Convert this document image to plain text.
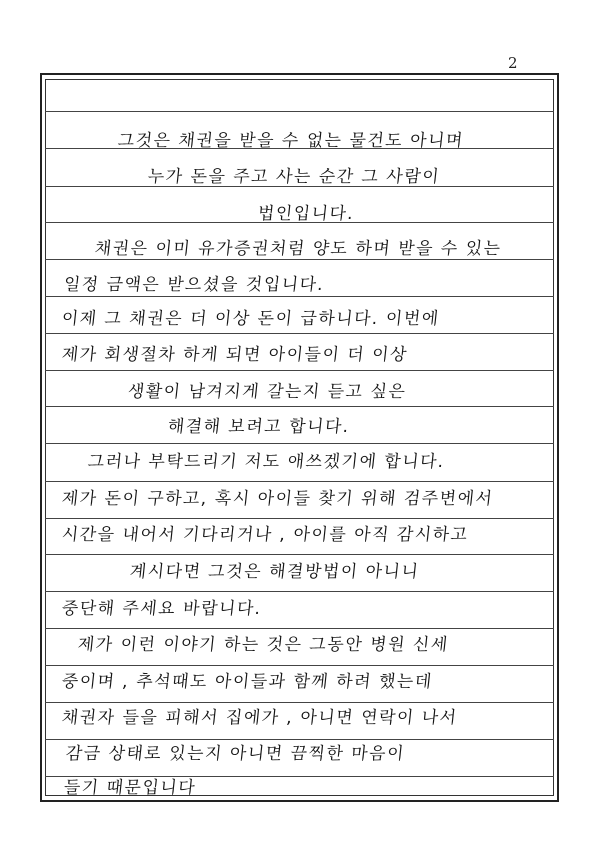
2
그것은 채권을 받을 수 없는 물건도 아니며
누가 돈을 주고 사는 순간 그 사람이
법인입니다.
채권은 이미 유가증권처럼 양도 하며 받을 수 있는
일정 금액은 받으셨을 것입니다.
이제 그 채권은 더 이상 돈이 급하니다. 이번에
제가 회생절차 하게 되면 아이들이 더 이상
생활이 남겨지게 갈는지 듣고 싶은
해결해 보려고 합니다.
그러나 부탁드리기 저도 애쓰겠기에 합니다.
제가 돈이 구하고, 혹시 아이들 찾기 위해 검주변에서
시간을 내어서 기다리거나 , 아이를 아직 감시하고
계시다면 그것은 해결방법이 아니니
중단해 주세요 바랍니다.
제가 이런 이야기 하는 것은 그동안 병원 신세
중이며 , 추석때도 아이들과 함께 하려 했는데
채권자 들을 피해서 집에가 , 아니면 연락이 나서
감금 상태로 있는지 아니면 끔찍한 마음이
들기 때문입니다
